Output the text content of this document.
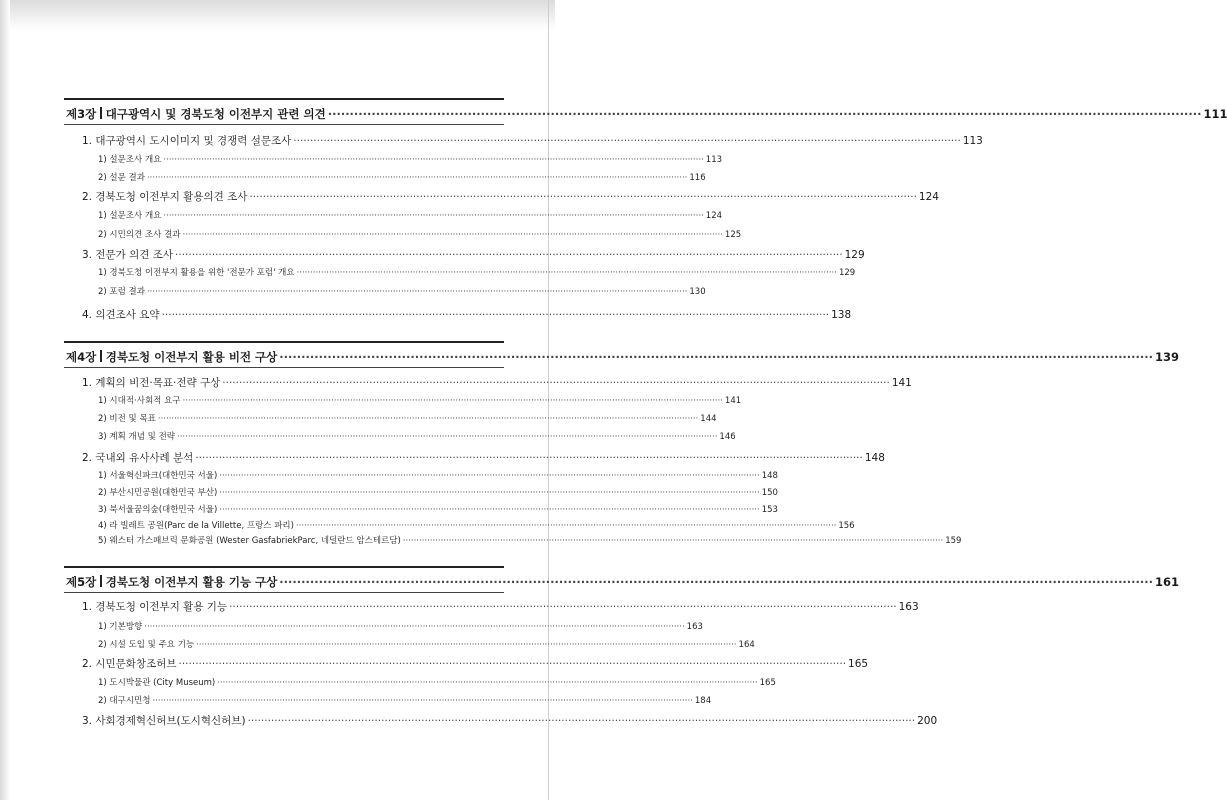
제3장 대구광역시 및 경북도청 이전부지 관련 의견 ········································································································································································································ 111
1. 대구광역시 도시이미지 및 경쟁력 설문조사 ········································································································································································································ 113
1) 설문조사 개요 ········································································································································································································ 113
2) 설문 결과 ········································································································································································································ 116
2. 경북도청 이전부지 활용의견 조사 ········································································································································································································ 124
1) 설문조사 개요 ········································································································································································································ 124
2) 시민의견 조사 결과 ········································································································································································································ 125
3. 전문가 의견 조사 ········································································································································································································ 129
1) 경북도청 이전부지 활용을 위한 '전문가 포럼' 개요 ········································································································································································································ 129
2) 포럼 결과 ········································································································································································································ 130
4. 의견조사 요약 ········································································································································································································ 138
제4장 경북도청 이전부지 활용 비전 구상 ········································································································································································································ 139
1. 계획의 비전·목표·전략 구상 ········································································································································································································ 141
1) 시대적·사회적 요구 ········································································································································································································ 141
2) 비전 및 목표 ········································································································································································································ 144
3) 계획 개념 및 전략 ········································································································································································································ 146
2. 국내외 유사사례 분석 ········································································································································································································ 148
1) 서울혁신파크(대한민국 서울) ········································································································································································································ 148
2) 부산시민공원(대한민국 부산) ········································································································································································································ 150
3) 북서울꿈의숲(대한민국 서울) ········································································································································································································ 153
4) 라 빌레트 공원(Parc de la Villette, 프랑스 파리) ········································································································································································································ 156
5) 웨스터 가스패브릭 문화공원 (Wester GasfabriekParc, 네덜란드 암스테르담) ········································································································································································································ 159
제5장 경북도청 이전부지 활용 기능 구상 ········································································································································································································ 161
1. 경북도청 이전부지 활용 기능 ········································································································································································································ 163
1) 기본방향 ········································································································································································································ 163
2) 시설 도입 및 주요 기능 ········································································································································································································ 164
2. 시민문화창조허브 ········································································································································································································ 165
1) 도시박물관 (City Museum) ········································································································································································································ 165
2) 대구시민청 ········································································································································································································ 184
3. 사회경제혁신허브(도시혁신허브) ········································································································································································································ 200
